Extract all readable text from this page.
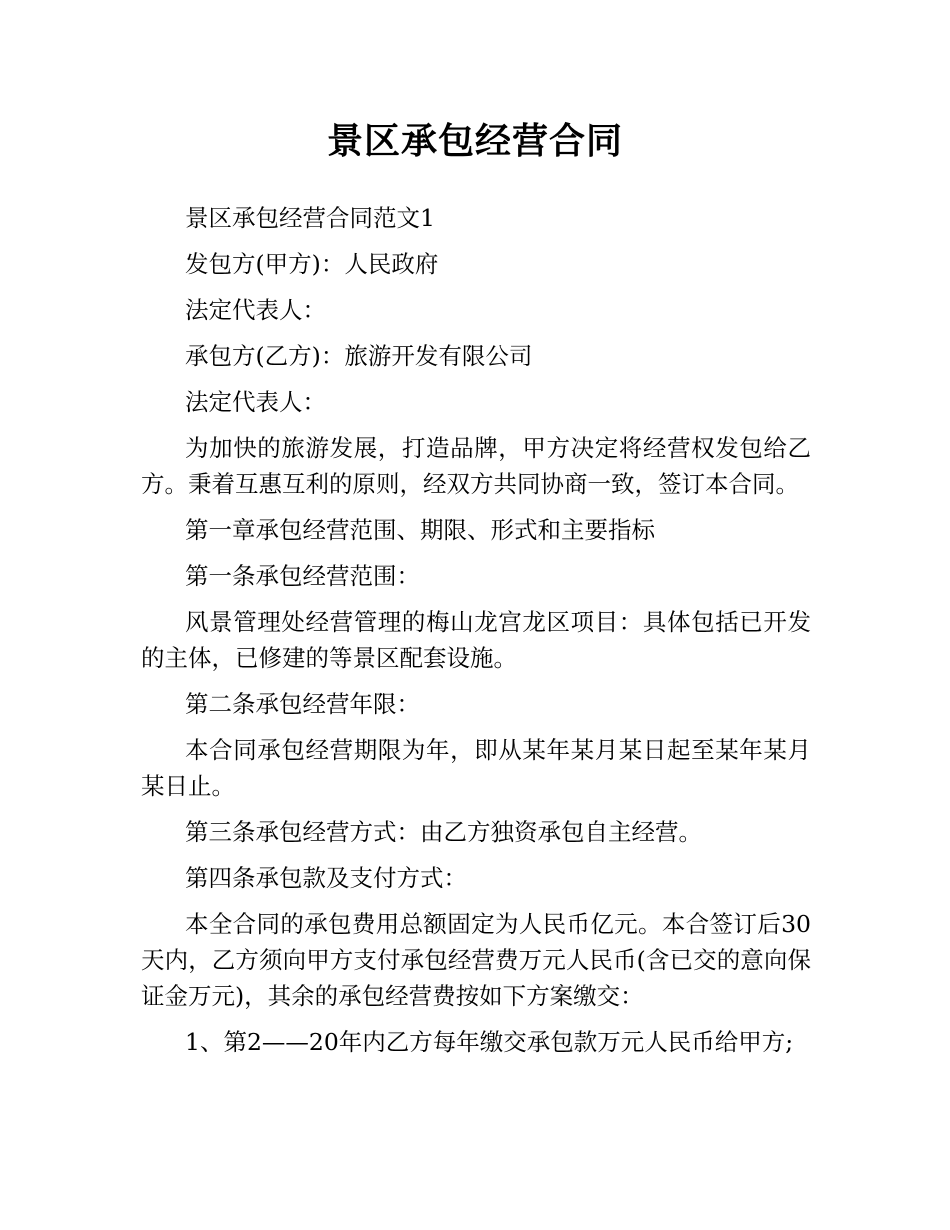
景区承包经营合同

景区承包经营合同范文1

发包方(甲方)：人民政府

法定代表人：

承包方(乙方)：旅游开发有限公司

法定代表人：

为加快的旅游发展，打造品牌，甲方决定将经营权发包给乙方。秉着互惠互利的原则，经双方共同协商一致，签订本合同。

第一章承包经营范围、期限、形式和主要指标

第一条承包经营范围：

风景管理处经营管理的梅山龙宫龙区项目：具体包括已开发的主体，已修建的等景区配套设施。

第二条承包经营年限：

本合同承包经营期限为年，即从某年某月某日起至某年某月某日止。

第三条承包经营方式：由乙方独资承包自主经营。

第四条承包款及支付方式：

本全合同的承包费用总额固定为人民币亿元。本合签订后30天内，乙方须向甲方支付承包经营费万元人民币(含已交的意向保证金万元)，其余的承包经营费按如下方案缴交：

1、第2——20年内乙方每年缴交承包款万元人民币给甲方;
